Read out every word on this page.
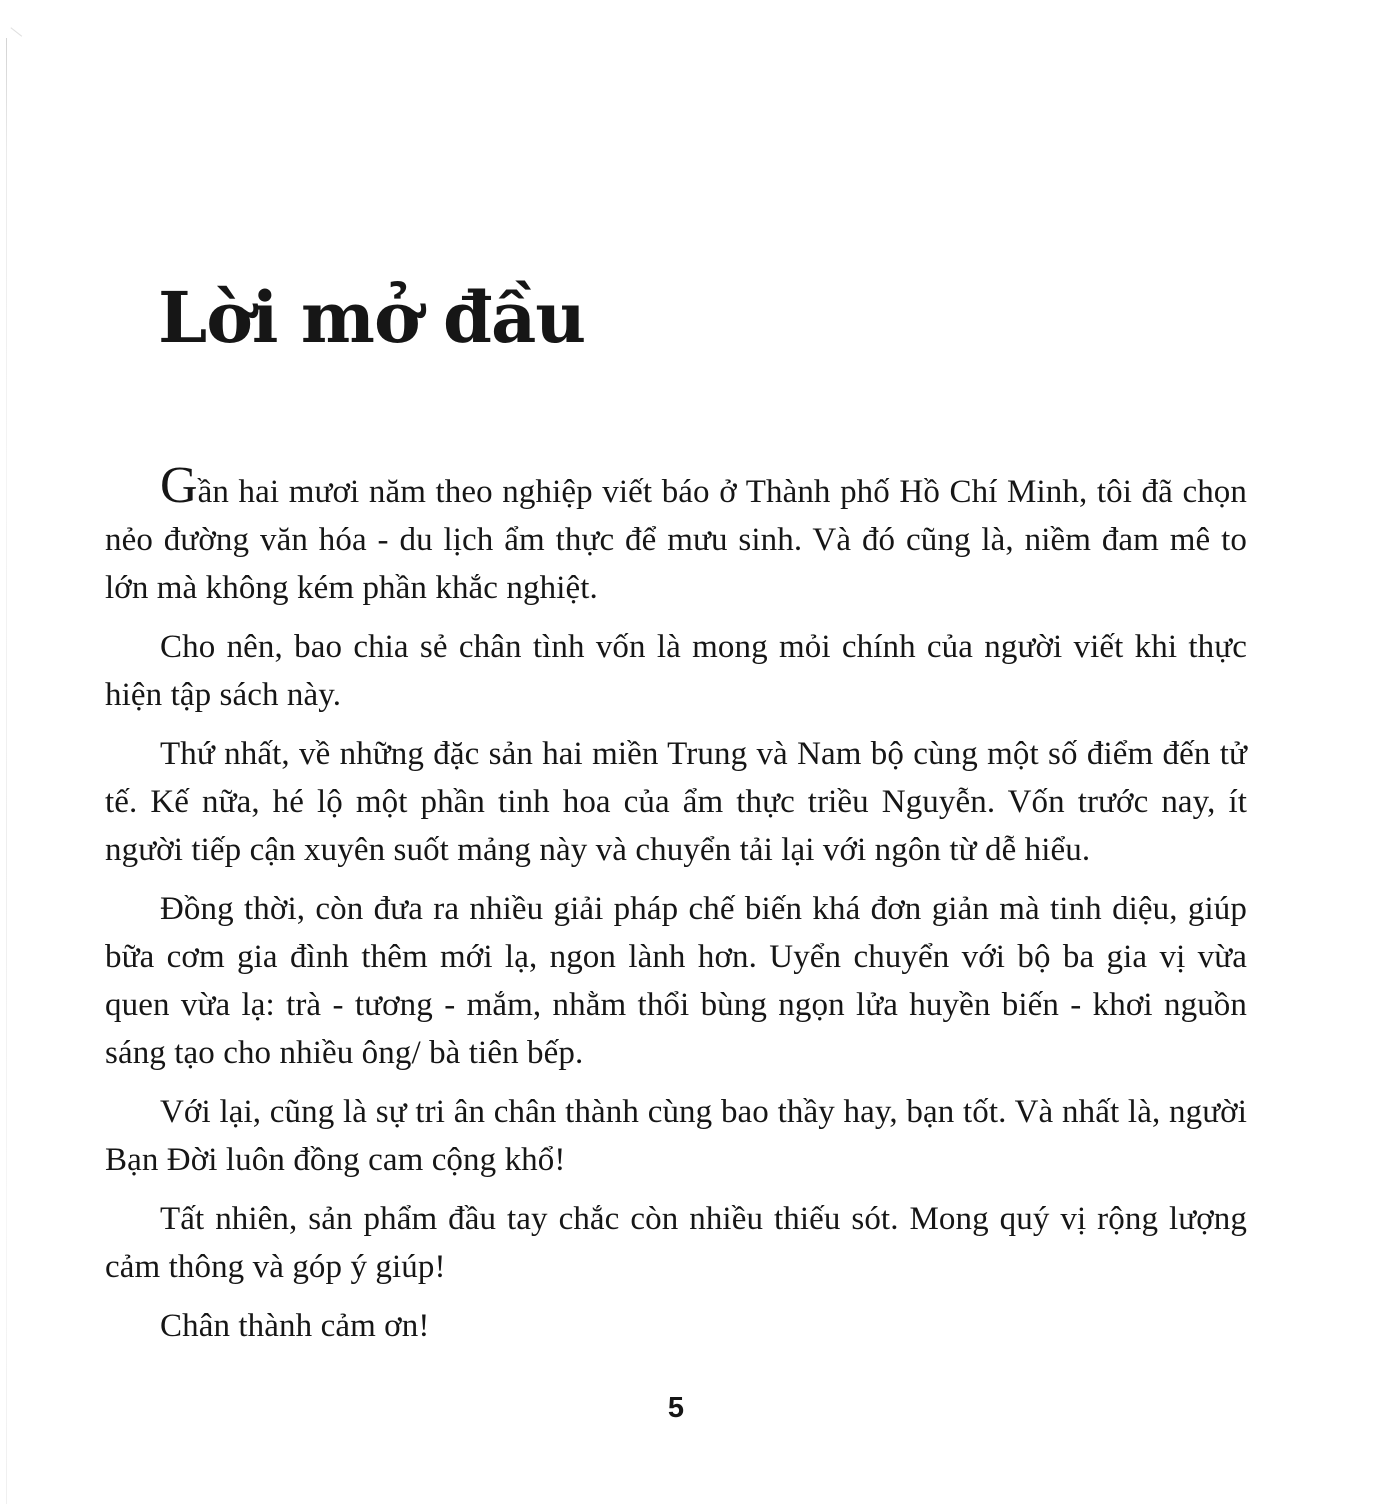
Lời mở đầu

Gần hai mươi năm theo nghiệp viết báo ở Thành phố Hồ Chí Minh, tôi đã chọn nẻo đường văn hóa - du lịch ẩm thực để mưu sinh. Và đó cũng là, niềm đam mê to lớn mà không kém phần khắc nghiệt.

Cho nên, bao chia sẻ chân tình vốn là mong mỏi chính của người viết khi thực hiện tập sách này.

Thứ nhất, về những đặc sản hai miền Trung và Nam bộ cùng một số điểm đến tử tế. Kế nữa, hé lộ một phần tinh hoa của ẩm thực triều Nguyễn. Vốn trước nay, ít người tiếp cận xuyên suốt mảng này và chuyển tải lại với ngôn từ dễ hiểu.

Đồng thời, còn đưa ra nhiều giải pháp chế biến khá đơn giản mà tinh diệu, giúp bữa cơm gia đình thêm mới lạ, ngon lành hơn. Uyển chuyển với bộ ba gia vị vừa quen vừa lạ: trà - tương - mắm, nhằm thổi bùng ngọn lửa huyền biến - khơi nguồn sáng tạo cho nhiều ông/ bà tiên bếp.

Với lại, cũng là sự tri ân chân thành cùng bao thầy hay, bạn tốt. Và nhất là, người Bạn Đời luôn đồng cam cộng khổ!

Tất nhiên, sản phẩm đầu tay chắc còn nhiều thiếu sót. Mong quý vị rộng lượng cảm thông và góp ý giúp!

Chân thành cảm ơn!

5
